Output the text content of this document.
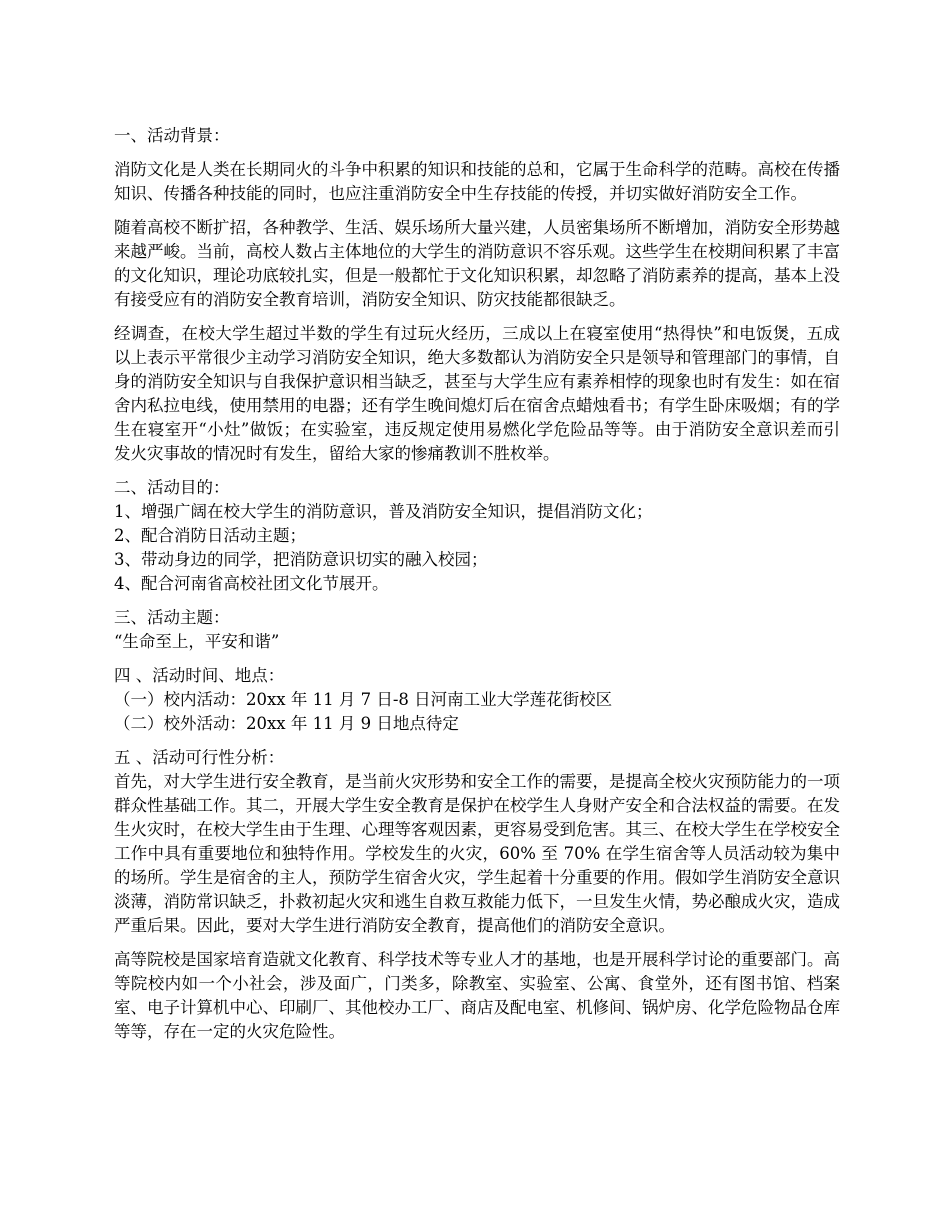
一、活动背景：

消防文化是人类在长期同火的斗争中积累的知识和技能的总和，它属于生命科学的范畴。高校在传播知识、传播各种技能的同时，也应注重消防安全中生存技能的传授，并切实做好消防安全工作。

随着高校不断扩招，各种教学、生活、娱乐场所大量兴建，人员密集场所不断增加，消防安全形势越来越严峻。当前，高校人数占主体地位的大学生的消防意识不容乐观。这些学生在校期间积累了丰富的文化知识，理论功底较扎实，但是一般都忙于文化知识积累，却忽略了消防素养的提高，基本上没有接受应有的消防安全教育培训，消防安全知识、防灾技能都很缺乏。

经调查，在校大学生超过半数的学生有过玩火经历，三成以上在寝室使用“热得快”和电饭煲，五成以上表示平常很少主动学习消防安全知识，绝大多数都认为消防安全只是领导和管理部门的事情，自身的消防安全知识与自我保护意识相当缺乏，甚至与大学生应有素养相悖的现象也时有发生：如在宿舍内私拉电线，使用禁用的电器；还有学生晚间熄灯后在宿舍点蜡烛看书；有学生卧床吸烟；有的学生在寝室开“小灶”做饭；在实验室，违反规定使用易燃化学危险品等等。由于消防安全意识差而引发火灾事故的情况时有发生，留给大家的惨痛教训不胜枚举。

二、活动目的：
1、增强广阔在校大学生的消防意识，普及消防安全知识，提倡消防文化；
2、配合消防日活动主题；
3、带动身边的同学，把消防意识切实的融入校园；
4、配合河南省高校社团文化节展开。
三、活动主题：
“生命至上，平安和谐”
四 、活动时间、地点：
（一）校内活动：20xx 年 11 月 7 日-8 日河南工业大学莲花街校区
（二）校外活动：20xx 年 11 月 9 日地点待定
五 、活动可行性分析：

首先，对大学生进行安全教育，是当前火灾形势和安全工作的需要，是提高全校火灾预防能力的一项群众性基础工作。其二，开展大学生安全教育是保护在校学生人身财产安全和合法权益的需要。在发生火灾时，在校大学生由于生理、心理等客观因素，更容易受到危害。其三、在校大学生在学校安全工作中具有重要地位和独特作用。学校发生的火灾，60% 至 70% 在学生宿舍等人员活动较为集中的场所。学生是宿舍的主人，预防学生宿舍火灾，学生起着十分重要的作用。假如学生消防安全意识淡薄，消防常识缺乏，扑救初起火灾和逃生自救互救能力低下，一旦发生火情，势必酿成火灾，造成严重后果。因此，要对大学生进行消防安全教育，提高他们的消防安全意识。

高等院校是国家培育造就文化教育、科学技术等专业人才的基地，也是开展科学讨论的重要部门。高等院校内如一个小社会，涉及面广，门类多，除教室、实验室、公寓、食堂外，还有图书馆、档案室、电子计算机中心、印刷厂、其他校办工厂、商店及配电室、机修间、锅炉房、化学危险物品仓库等等，存在一定的火灾危险性。
